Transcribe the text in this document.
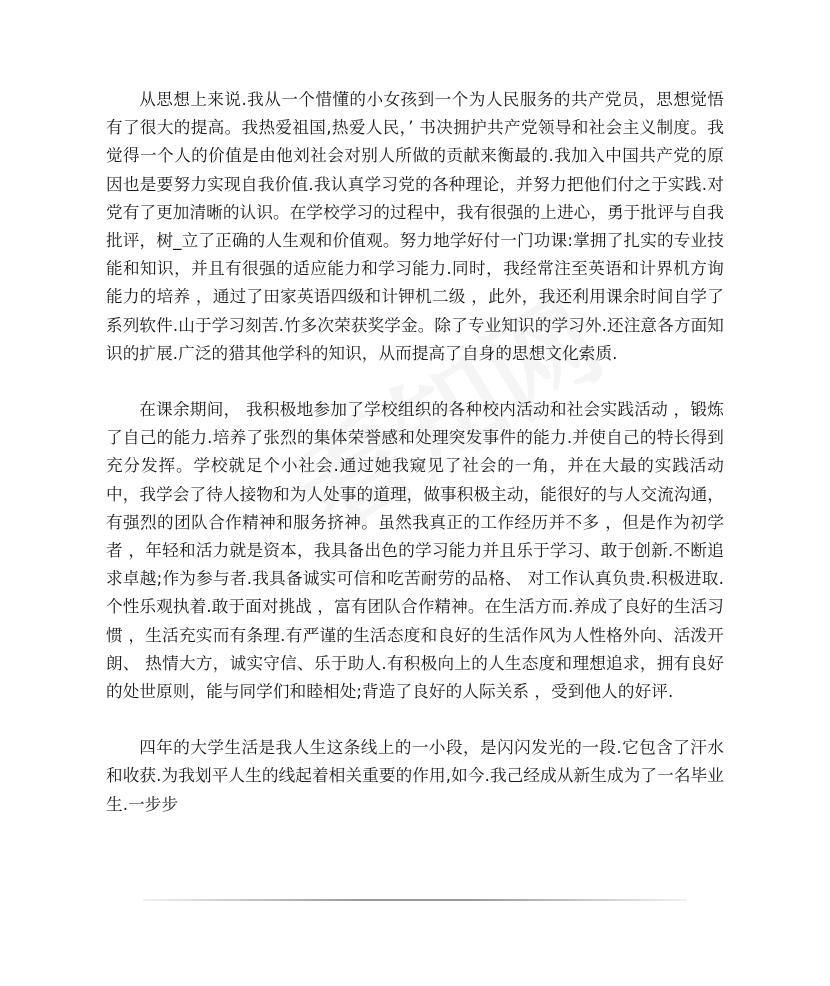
从思想上来说.我从一个惜懂的小女孩到一个为人民服务的共产党员，思想觉悟有了很大的提高。我热爱祖国,热爱人民，’ 书决拥护共产党领导和社会主义制度。我觉得一个人的价值是由他刘社会对别人所做的贡献来衡最的.我加入中国共产党的原因也是要努力实现自我价值.我认真学习党的各种理论，并努力把他们付之于实践.对党有了更加清晰的认识。在学校学习的过程中，我有很强的上进心，勇于批评与自我批评，树_立了正确的人生观和价值观。努力地学好付一门功课:掌拥了扎实的专业技能和知识，并且有很强的适应能力和学习能力.同时，我经常注至英语和计界机方询能力的培养 ，通过了田家英语四级和计钾机二级 ，此外，我还利用课余时间自学了系列软件.山于学习刻苦.竹多次荣获奖学金。除了专业知识的学习外.还注意各方面知识的扩展.广泛的猎其他学科的知识，从而提高了自身的思想文化索质.

在课余期间， 我积极地参加了学校组织的各种校内活动和社会实践活动 ，锻炼了自己的能力.培养了张烈的集体荣誉感和处理突发事件的能力.并使自己的特长得到充分发挥。学校就足个小社会.通过她我窥见了社会的一角，并在大最的实践活动中，我学会了待人接物和为人处事的道理，做事积极主动，能很好的与人交流沟通，有强烈的团队合作精神和服务挤神。虽然我真正的工作经历并不多 ，但是作为初学者 ，年轻和活力就是资本，我具备出色的学习能力并且乐于学习、敢于创新.不断追求卓越;作为参与者.我具备诚实可信和吃苦耐劳的品格、 对工作认真负贵.积极进取.个性乐观执着.敢于面对挑战 ，富有团队合作精神。在生活方而.养成了良好的生活习惯 ，生活充实而有条理.有严谨的生活态度和良好的生活作风为人性格外向、活泼开朗、 热情大方，诚实守信、乐于助人.有积极向上的人生态度和理想追求，拥有良好的处世原则，能与同学们和睦相处;背造了良好的人际关系 ，受到他人的好评.

四年的大学生活是我人生这条线上的一小段，是闪闪发光的一段.它包含了汗水和收获.为我划平人生的线起着相关重要的作用,如今.我己经成从新生成为了一名毕业生.一步步
